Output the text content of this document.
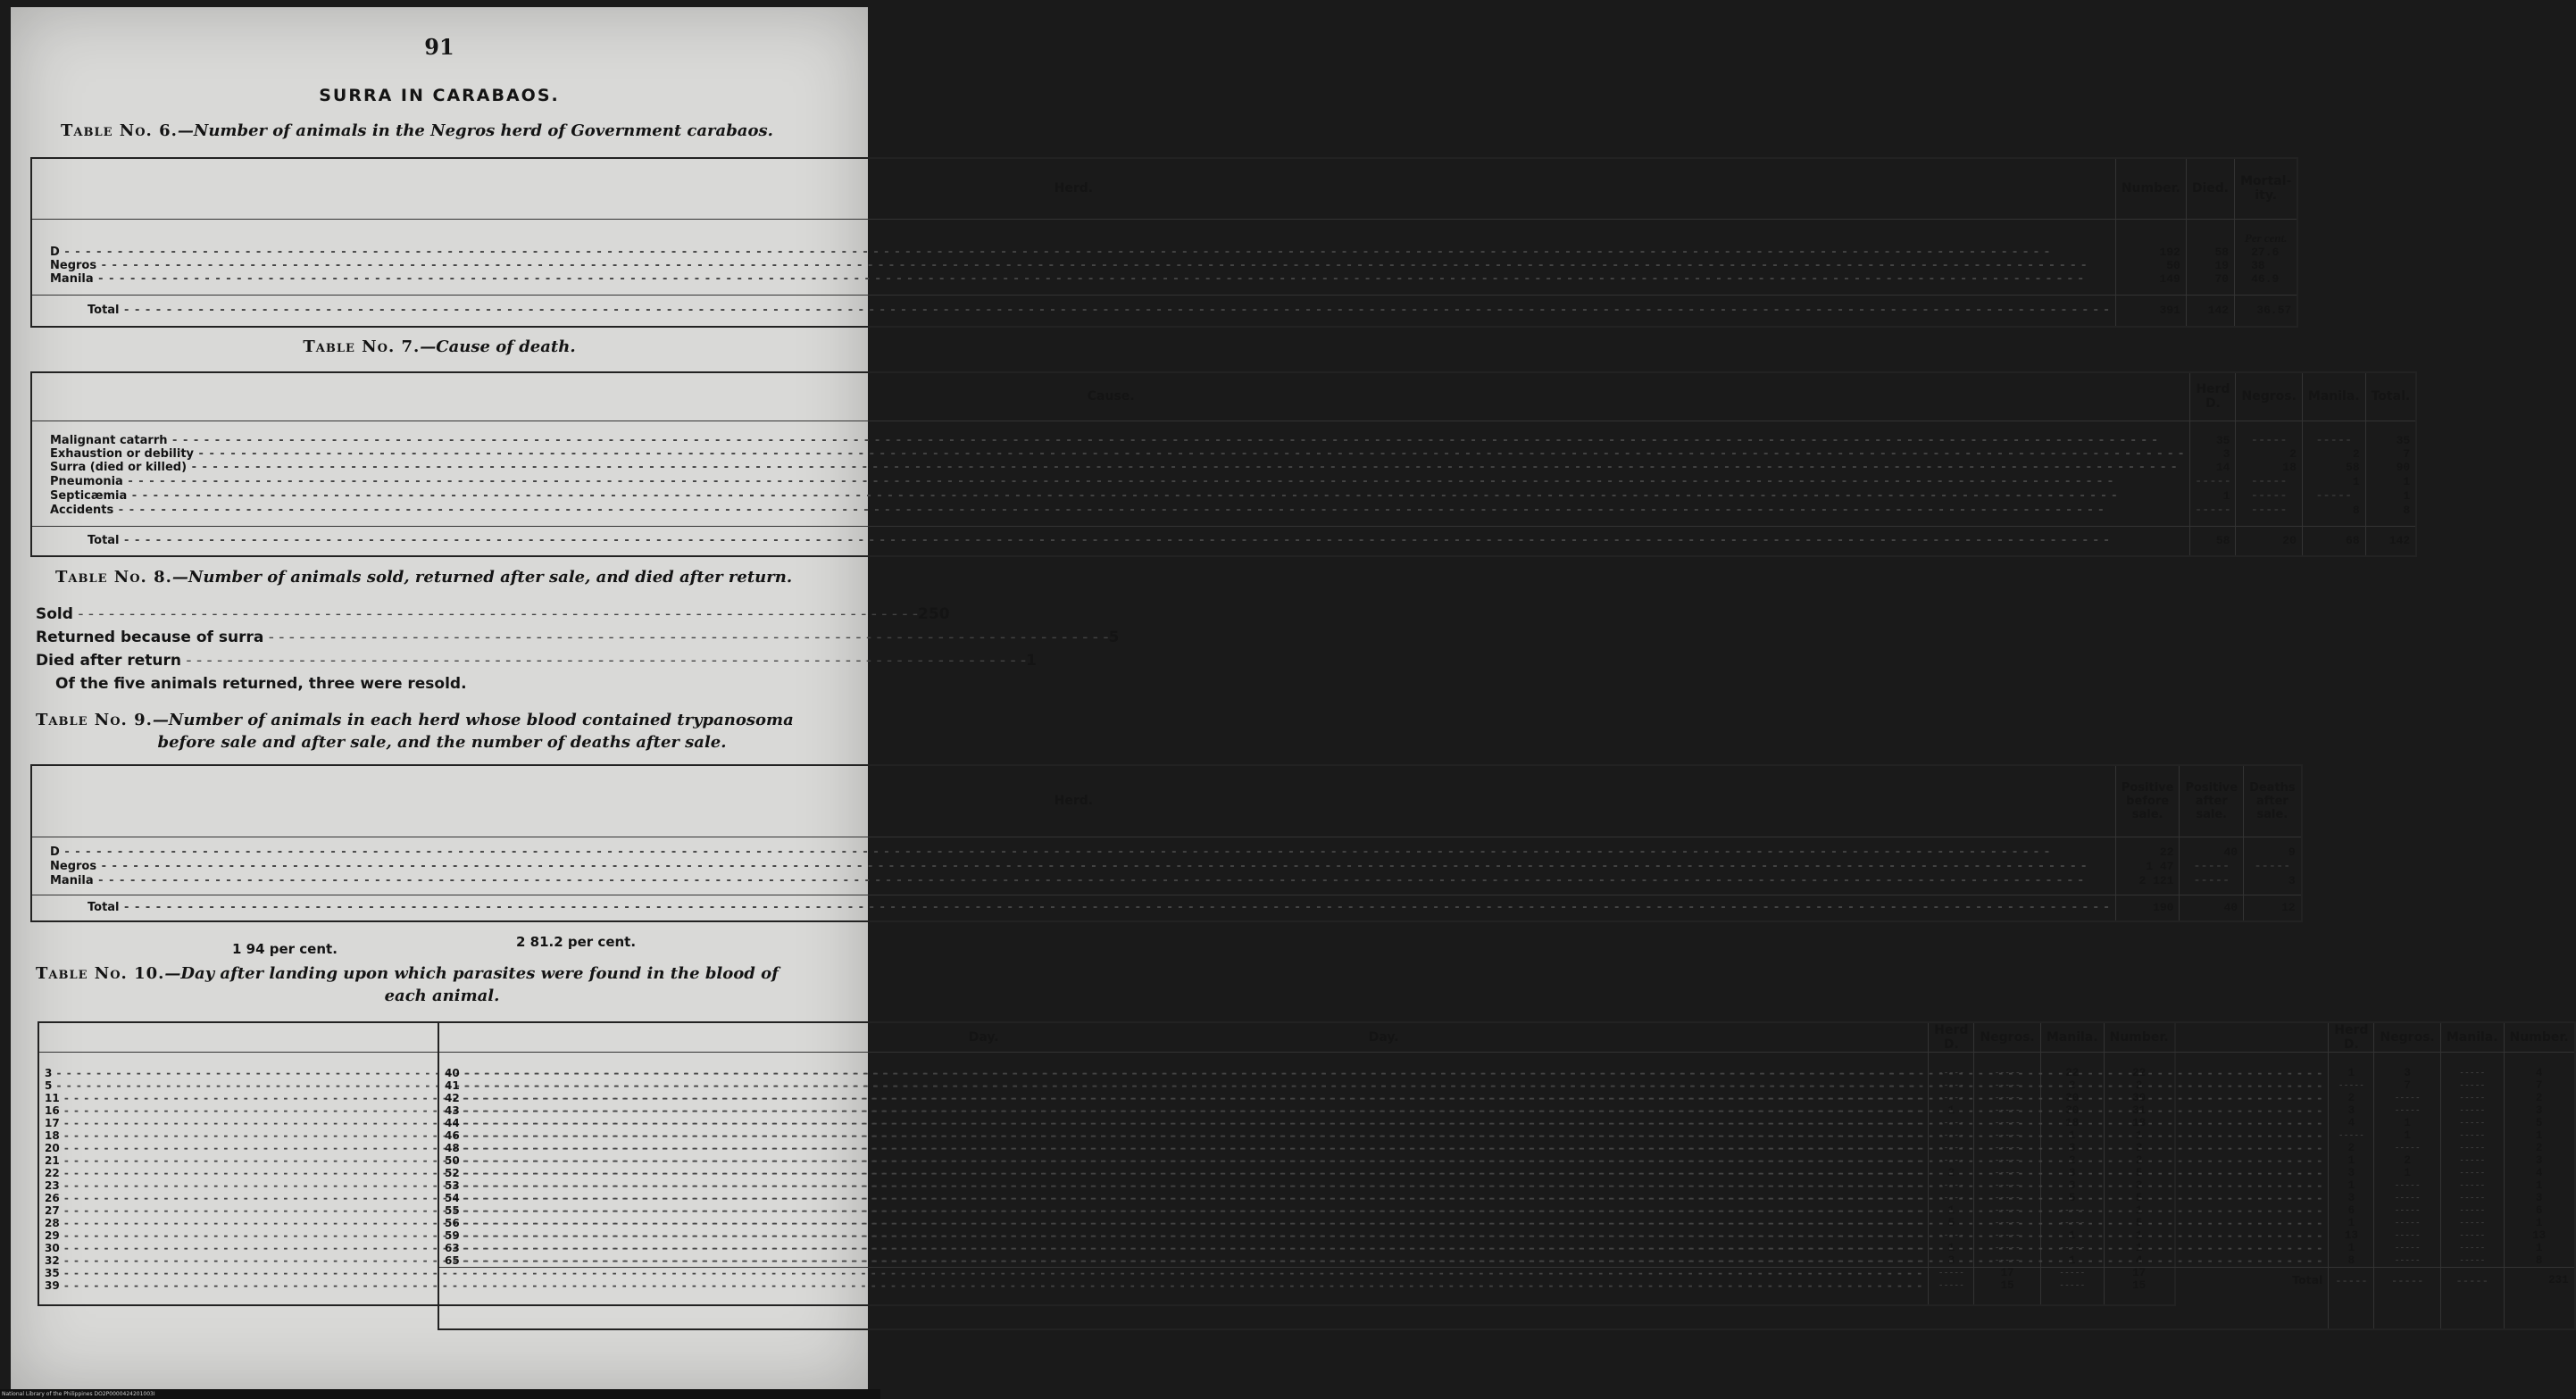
91
SURRA IN CARABAOS.
Table No. 6.—Number of animals in the Negros herd of Government carabaos.
Herd.	Number.	Died.	Mortal-ity.
			Per cent.
D - - -	192	58	27.6
Negros - - -	50	19	38
Manila - - -	149	70	46.9

Total - - -	391	142	36.57
Table No. 7.—Cause of death.
Cause.	Herd D.	Negros.	Manila.	Total.

Malignant catarrh - - -	35	- - - - -	- - - - -	35
Exhaustion or debility - - -	3	2	2	7
Surra (died or killed) - - -	14	18	58	90
Pneumonia - - -	- - - - -	- - - - -	1	1
Septicæmia - - -	1	- - - - -	- - - - -	1
Accidents - - -	- - - - -	- - - - -	8	8

Total - - -	58	20	68	142
Table No. 8.—Number of animals sold, returned after sale, and died after return.
Sold - - -	250
Returned because of surra - - -	5
Died after return - - -	1
Of the five animals returned, three were resold.
Table No. 9.—Number of animals in each herd whose blood contained trypanosoma
before sale and after sale, and the number of deaths after sale.
Herd.	Positive before sale.	Positive after sale.	Deaths after sale.

D - - -	22	40	9
Negros - - -	1 47	- - - - -	- - - - -
Manila - - -	2 121	- - - - -	3

Total - - -	190	40	12
1 94 per cent.	2 81.2 per cent.
Table No. 10.—Day after landing upon which parasites were found in the blood of
each animal.
Day.	Herd D.	Negros.	Manila.	Number.

3 - - -	- - - - -	- - - - -	22	22
5 - - -	- - - - -	- - - - -	2	2
11 - - -	- - - - -	- - - - -	30	30
16 - - -	1	- - - - -	30	31
17 - - -	- - - - -	- - - - -	18	18
18 - - -	- - - - -	- - - - -	1	1
20 - - -	- - - - -	- - - - -	3	3
21 - - -	- - - - -	- - - - -	2	2
22 - - -	2	- - - - -	3	5
23 - - -	- - - - -	- - - - -	3	3
26 - - -	- - - - -	- - - - -	5	5
27 - - -	1	- - - - -	- - - - -	1
28 - - -	5	- - - - -	- - - - -	5
29 - - -	- - - - -	- - - - -	1	1
30 - - -	1	- - - - -	- - - - -	1
32 - - -	3	- - - - -	1	4
35 - - -	- - - - -	17	- - - - -	17
39 - - -	- - - - -	15	- - - - -	15

Day.	Herd D.	Negros.	Manila.	Number.

40 - - -	1	3	- - - - -	4
41 - - -	- - - - -	7	- - - - -	7
42 - - -	2	- - - - -	- - - - -	2
43 - - -	3	- - - - -	- - - - -	3
44 - - -	4	1	- - - - -	5
46 - - -	- - - - -	1	- - - - -	1
48 - - -	2	- - - - -	- - - - -	2
50 - - -	1	2	- - - - -	3
52 - - -	3	1	- - - - -	4
53 - - -	1	- - - - -	- - - - -	1
54 - - -	3	- - - - -	- - - - -	3
55 - - -	6	- - - - -	- - - - -	6
56 - - -	1	- - - - -	- - - - -	1
59 - - -	13	- - - - -	- - - - -	13
63 - - -	1	- - - - -	- - - - -	1
65 - - -	8	- - - - -	- - - - -	8
Total	- - - - -	- - - - -	- - - - -	231

National Library of the Philippines DO2P0000424201003I
